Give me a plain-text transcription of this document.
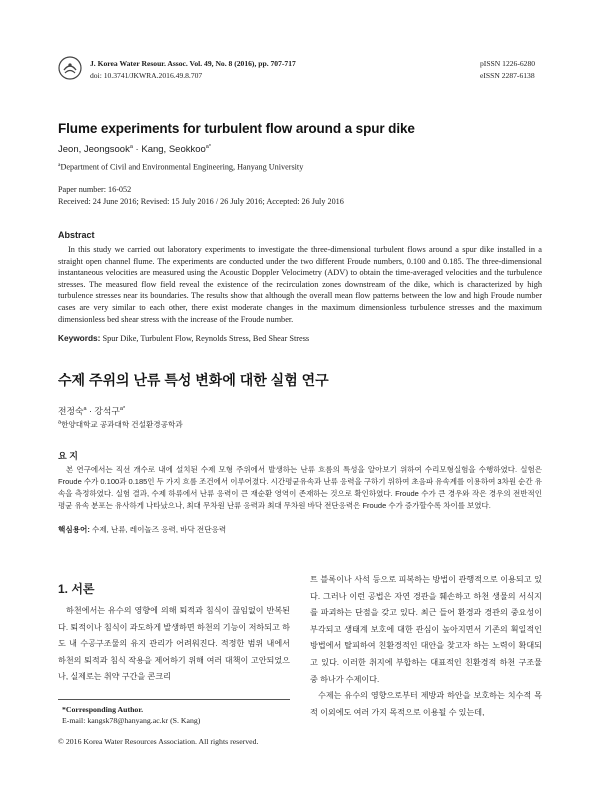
J. Korea Water Resour. Assoc. Vol. 49, No. 8 (2016), pp. 707-717
doi: 10.3741/JKWRA.2016.49.8.707
pISSN 1226-6280
eISSN 2287-6138
Flume experiments for turbulent flow around a spur dike
Jeon, Jeongsook$^a$ · Kang, Seokkoo$^{a*}$
$^a$Department of Civil and Environmental Engineering, Hanyang University
Paper number: 16-052
Received: 24 June 2016; Revised: 15 July 2016 / 26 July 2016; Accepted: 26 July 2016
Abstract

In this study we carried out laboratory experiments to investigate the three-dimensional turbulent flows around a spur dike installed in a straight open channel flume. The experiments are conducted under the two different Froude numbers, 0.100 and 0.185. The three-dimensional instantaneous velocities are measured using the Acoustic Doppler Velocimetry (ADV) to obtain the time-averaged velocities and the turbulence stresses. The measured flow field reveal the existence of the recirculation zones downstream of the dike, which is characterized by high turbulence stresses near its boundaries. The results show that although the overall mean flow patterns between the low and high Froude number cases are very similar to each other, there exist moderate changes in the maximum dimensionless turbulence stresses and the maximum dimensionless bed shear stress with the increase of the Froude number.

Keywords: Spur Dike, Turbulent Flow, Reynolds Stress, Bed Shear Stress
수제 주위의 난류 특성 변화에 대한 실험 연구
전정숙$^a$ · 강석구$^{a*}$
$^a$한양대학교 공과대학 건설환경공학과
요 지

본 연구에서는 직선 개수로 내에 설치된 수제 모형 주위에서 발생하는 난류 흐름의 특성을 알아보기 위하여 수리모형실험을 수행하였다. 실험은 Froude 수가 0.100과 0.185인 두 가지 흐름 조건에서 이루어졌다. 시간평균유속과 난류 응력을 구하기 위하여 초음파 유속계를 이용하여 3차원 순간 유속을 측정하였다. 실험 결과, 수제 하류에서 난류 응력이 큰 재순환 영역이 존재하는 것으로 확인하였다. Froude 수가 큰 경우와 작은 경우의 전반적인 평균 유속 분포는 유사하게 나타났으나, 최대 무차원 난류 응력과 최대 무차원 바닥 전단응력은 Froude 수가 증가할수록 차이를 보였다.

핵심용어: 수제, 난류, 레이놀즈 응력, 바닥 전단응력
1. 서론

하천에서는 유수의 영향에 의해 퇴적과 침식이 끊임없이 반복된다. 퇴적이나 침식이 과도하게 발생하면 하천의 기능이 저하되고 하도 내 수공구조물의 유지 관리가 어려워진다. 적정한 범위 내에서 하천의 퇴적과 침식 작용을 제어하기 위해 여러 대책이 고안되었으나, 실제로는 취약 구간을 콘크리

트 블록이나 사석 등으로 피복하는 방법이 관행적으로 이용되고 있다. 그러나 이런 공법은 자연 경관을 훼손하고 하천 생물의 서식지를 파괴하는 단점을 갖고 있다. 최근 들어 환경과 경관의 중요성이 부각되고 생태계 보호에 대한 관심이 높아지면서 기존의 획일적인 방법에서 탈피하여 친환경적인 대안을 찾고자 하는 노력이 확대되고 있다. 이러한 취지에 부합하는 대표적인 친환경적 하천 구조물 중 하나가 수제이다.

수제는 유수의 영향으로부터 제방과 하안을 보호하는 치수적 목적 이외에도 여러 가지 목적으로 이용될 수 있는데,

*Corresponding Author.
E-mail: kangsk78@hanyang.ac.kr (S. Kang)
© 2016 Korea Water Resources Association. All rights reserved.
